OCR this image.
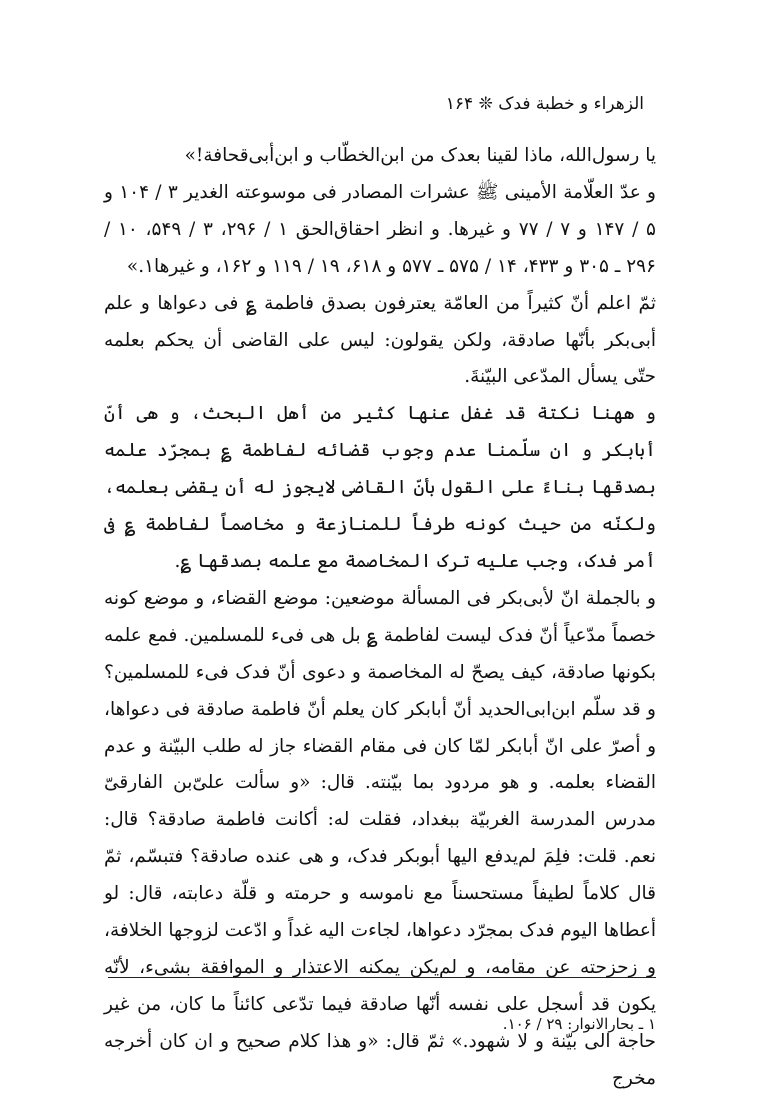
۱۶۴ ❊ الزهراء و خطبة فدک

یا رسول‌الله، ماذا لقینا بعدک من ابن‌الخطّاب و ابن‌أبی‌قحافة!»

و عدّ العلّامة الأمینی ﷺ عشرات المصادر فی موسوعته الغدیر ۳ / ۱۰۴ و ۵ / ۱۴۷ و ۷ / ۷۷ و غیرها. و انظر احقاق‌الحق ۱ / ۲۹۶، ۳ / ۵۴۹، ۱۰ / ۲۹۶ ـ ۳۰۵ و ۴۳۳، ۱۴ / ۵۷۵ ـ ۵۷۷ و ۶۱۸، ۱۹ / ۱۱۹ و ۱۶۲، و غیرها۱.»

ثمّ اعلم أنّ کثیراً من العامّة یعترفون بصدق فاطمة ؏ فی دعواها و علم أبی‌بکر بأنّها صادقة، ولکن یقولون: لیس علی القاضی أن یحکم بعلمه حتّی یسأل المدّعی البیّنةَ.

و ههنا نکتة قد غفل عنها کثیر من أهل البحث، و هی أنّ أبابکر و ان سلّمنا عدم وجوب قضائه لفاطمة ؏ بمجرّد علمه بصدقها بناءً علی القول بأنّ القاضی لایجوز له أن یقضی بعلمه، ولکنّه من حیث کونه طرفاً للمنازعة و مخاصماً لفاطمة ؏ فی أمر فدک، وجب علیه ترک المخاصمة مع علمه بصدقها ؏.

و بالجملة انّ لأبی‌بکر فی المسألة موضعین: موضع القضاء، و موضع کونه خصماً مدّعیاً أنّ فدک لیست لفاطمة ؏ بل هی فیء للمسلمین. فمع علمه بکونها صادقة، کیف یصحّ له المخاصمة و دعوی أنّ فدک فیء للمسلمین؟ و قد سلّم ابن‌ابی‌الحدید أنّ أبابکر کان یعلم أنّ فاطمة صادقة فی دعواها، و أصرّ علی انّ أبابکر لمّا کان فی مقام القضاء جاز له طلب البیّنة و عدم القضاء بعلمه. و هو مردود بما بیّنته. قال: «و سألت علیّ‌بن الفارقیّ مدرس المدرسة الغربیّة ببغداد، فقلت له: أکانت فاطمة صادقة؟ قال: نعم. قلت: فلِمَ لم‌یدفع الیها أبوبکر فدک، و هی عنده صادقة؟ فتبسّم، ثمّ قال کلاماً لطیفاً مستحسناً مع ناموسه و حرمته و قلّة دعابته، قال: لو أعطاها الیوم فدک بمجرّد دعواها، لجاءت الیه غداً و ادّعت لزوجها الخلافة، و زحزحته عن مقامه، و لم‌یکن یمکنه الاعتذار و الموافقة بشیء، لأنّه یکون قد أسجل علی نفسه أنّها صادقة فیما تدّعی کائناً ما کان، من غیر حاجة الی بیّنة و لا شهود.» ثمّ قال: «و هذا کلام صحیح و ان کان أخرجه مخرج

۱ ـ بحارالانوار: ۲۹ / ۱۰۶.
